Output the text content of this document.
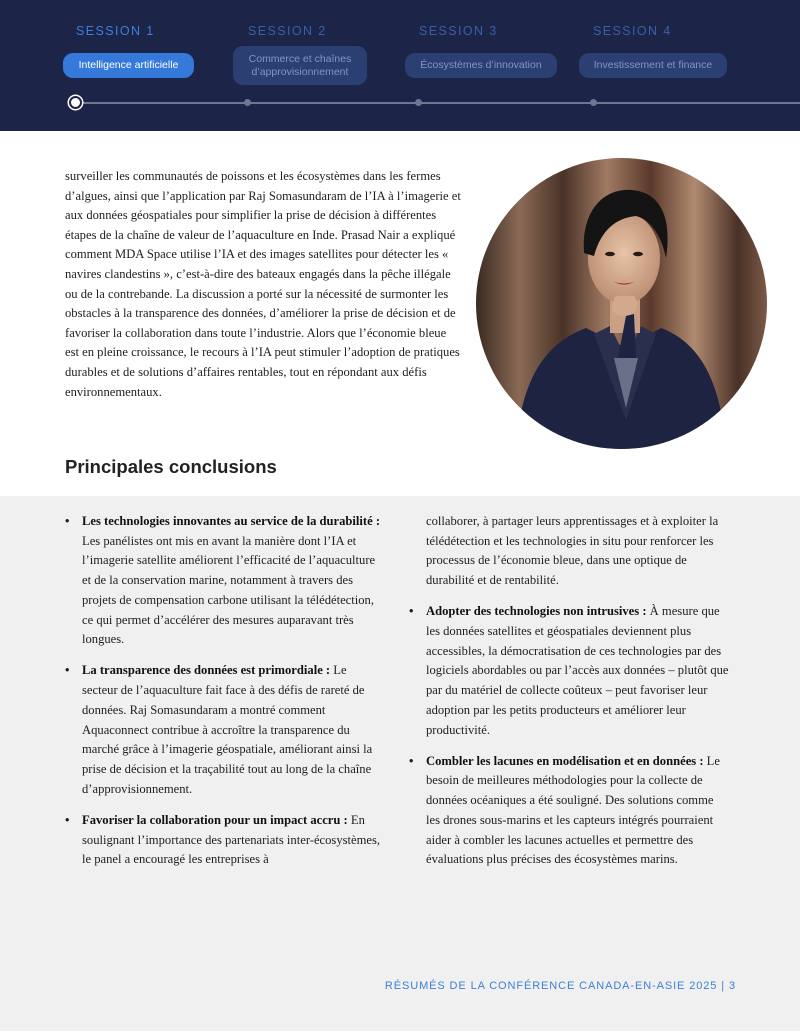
SESSION 1
Intelligence artificielle
SESSION 2
Commerce et chaînes d’approvisionnement
SESSION 3
Écosystèmes d’innovation
SESSION 4
Investissement et finance

surveiller les communautés de poissons et les écosystèmes dans les fermes d’algues, ainsi que l’application par Raj Somasundaram de l’IA à l’imagerie et aux données géospatiales pour simplifier la prise de décision à différentes étapes de la chaîne de valeur de l’aquaculture en Inde. Prasad Nair a expliqué comment MDA Space utilise l’IA et des images satellites pour détecter les « navires clandestins », c’est-à-dire des bateaux engagés dans la pêche illégale ou de la contrebande. La discussion a porté sur la nécessité de surmonter les obstacles à la transparence des données, d’améliorer la prise de décision et de favoriser la collaboration dans toute l’industrie. Alors que l’économie bleue est en pleine croissance, le recours à l’IA peut stimuler l’adoption de pratiques durables et de solutions d’affaires rentables, tout en répondant aux défis environnementaux.

Principales conclusions
• Les technologies innovantes au service de la durabilité : Les panélistes ont mis en avant la manière dont l’IA et l’imagerie satellite améliorent l’efficacité de l’aquaculture et de la conservation marine, notamment à travers des projets de compensation carbone utilisant la télédétection, ce qui permet d’accélérer des mesures auparavant très longues.
• La transparence des données est primordiale : Le secteur de l’aquaculture fait face à des défis de rareté de données. Raj Somasundaram a montré comment Aquaconnect contribue à accroître la transparence du marché grâce à l’imagerie géospatiale, améliorant ainsi la prise de décision et la traçabilité tout au long de la chaîne d’approvisionnement.
• Favoriser la collaboration pour un impact accru : En soulignant l’importance des partenariats inter-écosystèmes, le panel a encouragé les entreprises à
collaborer, à partager leurs apprentissages et à exploiter la télédétection et les technologies in situ pour renforcer les processus de l’économie bleue, dans une optique de durabilité et de rentabilité.
• Adopter des technologies non intrusives : À mesure que les données satellites et géospatiales deviennent plus accessibles, la démocratisation de ces technologies par des logiciels abordables ou par l’accès aux données – plutôt que par du matériel de collecte coûteux – peut favoriser leur adoption par les petits producteurs et améliorer leur productivité.
• Combler les lacunes en modélisation et en données : Le besoin de meilleures méthodologies pour la collecte de données océaniques a été souligné. Des solutions comme les drones sous-marins et les capteurs intégrés pourraient aider à combler les lacunes actuelles et permettre des évaluations plus précises des écosystèmes marins.
RÉSUMÉS DE LA CONFÉRENCE CANADA-EN-ASIE 2025 | 3
